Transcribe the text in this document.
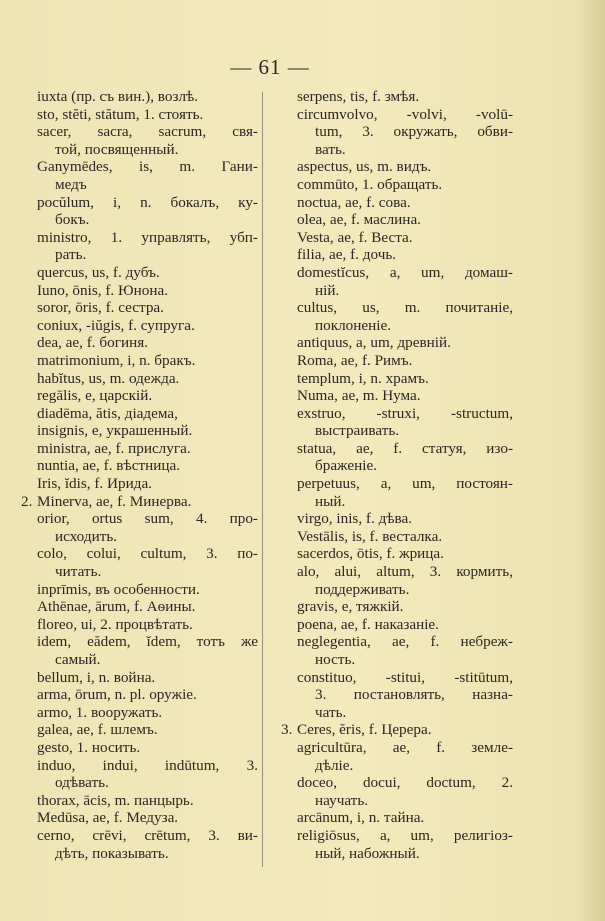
— 61 —
iuxta (пр. съ вин.), возлѣ.
sto, stĕti, stătum, 1. стоять.
sacer, sacra, sacrum, свя-
той, посвященный.
Ganymēdes, is, m. Гани-
медъ
pocŭlum, i, n. бокалъ, ку-
бокъ.
ministro, 1. управлять, убп-
рать.
quercus, us, f. дубъ.
Iuno, ōnis, f. Юнона.
soror, ōris, f. сестра.
coniux, -iŭgis, f. супруга.
dea, ae, f. богиня.
matrimonium, i, n. бракъ.
habĭtus, us, m. одежда.
regālis, e, царскій.
diadēma, ătis, діадема,
insignis, e, украшенный.
ministra, ae, f. прислуга.
nuntia, ae, f. вѣстница.
Iris, ĭdis, f. Ирида.
2. Minerva, ae, f. Минерва.
orior, ortus sum, 4. про-
исходить.
colo, colui, cultum, 3. по-
читать.
inprīmis, въ особенности.
Athēnae, ārum, f. Аѳины.
floreo, ui, 2. процвѣтать.
idem, eădem, ĭdem, тотъ же
самый.
bellum, i, n. война.
arma, ōrum, n. pl. оружіе.
armo, 1. вооружать.
galea, ae, f. шлемъ.
gesto, 1. носить.
induo, indui, indūtum, 3.
одѣвать.
thorax, ācis, m. панцырь.
Medūsa, ae, f. Медуза.
cerno, crēvi, crētum, 3. ви-
дѣть, показывать.
serpens, tis, f. змѣя.
circumvolvo, -volvi, -volū-
tum, 3. окружать, обви-
вать.
aspectus, us, m. видъ.
commūto, 1. обращать.
noctua, ae, f. сова.
olea, ae, f. маслина.
Vesta, ae, f. Веста.
filia, ae, f. дочь.
domestĭcus, a, um, домаш-
ній.
cultus, us, m. почитаніе,
поклоненіе.
antiquus, a, um, древній.
Roma, ae, f. Римъ.
templum, i, n. храмъ.
Numa, ae, m. Нума.
exstruo, -struxi, -structum,
выстраивать.
statua, ae, f. статуя, изо-
браженіе.
perpetuus, a, um, постоян-
ный.
virgo, inis, f. дѣва.
Vestālis, is, f. весталка.
sacerdos, ōtis, f. жрица.
alo, alui, altum, 3. кормить,
поддерживать.
gravis, e, тяжкій.
poena, ae, f. наказаніе.
neglegentia, ae, f. небреж-
ность.
constituo, -stitui, -stitūtum,
3. постановлять, назна-
чать.
3. Ceres, ĕris, f. Церера.
agricultūra, ae, f. земле-
дѣліе.
doceo, docui, doctum, 2.
научать.
arcānum, i, n. тайна.
religiōsus, a, um, религіоз-
ный, набожный.
